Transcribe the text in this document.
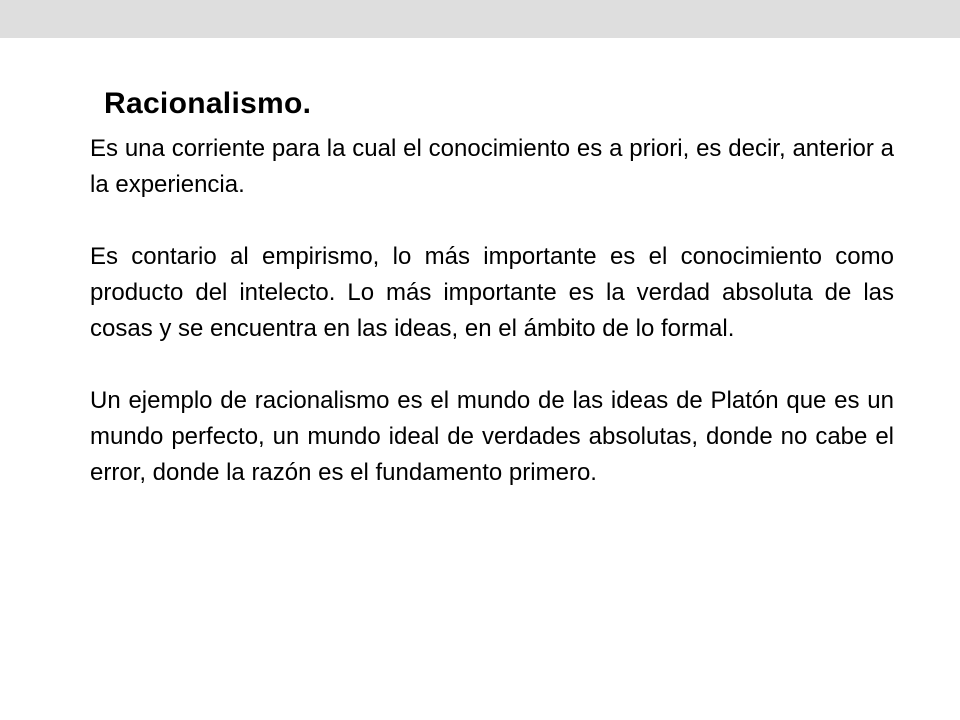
Racionalismo.

Es una corriente para la cual el conocimiento es a priori, es decir, anterior a la experiencia.

Es contario al empirismo, lo más importante es el conocimiento como producto del intelecto. Lo más importante es la verdad absoluta de las cosas y se encuentra en las ideas, en el ámbito de lo formal.

Un ejemplo de racionalismo es el mundo de las ideas de Platón que es un mundo perfecto, un mundo ideal de verdades absolutas, donde no cabe el error, donde la razón es el fundamento primero.
